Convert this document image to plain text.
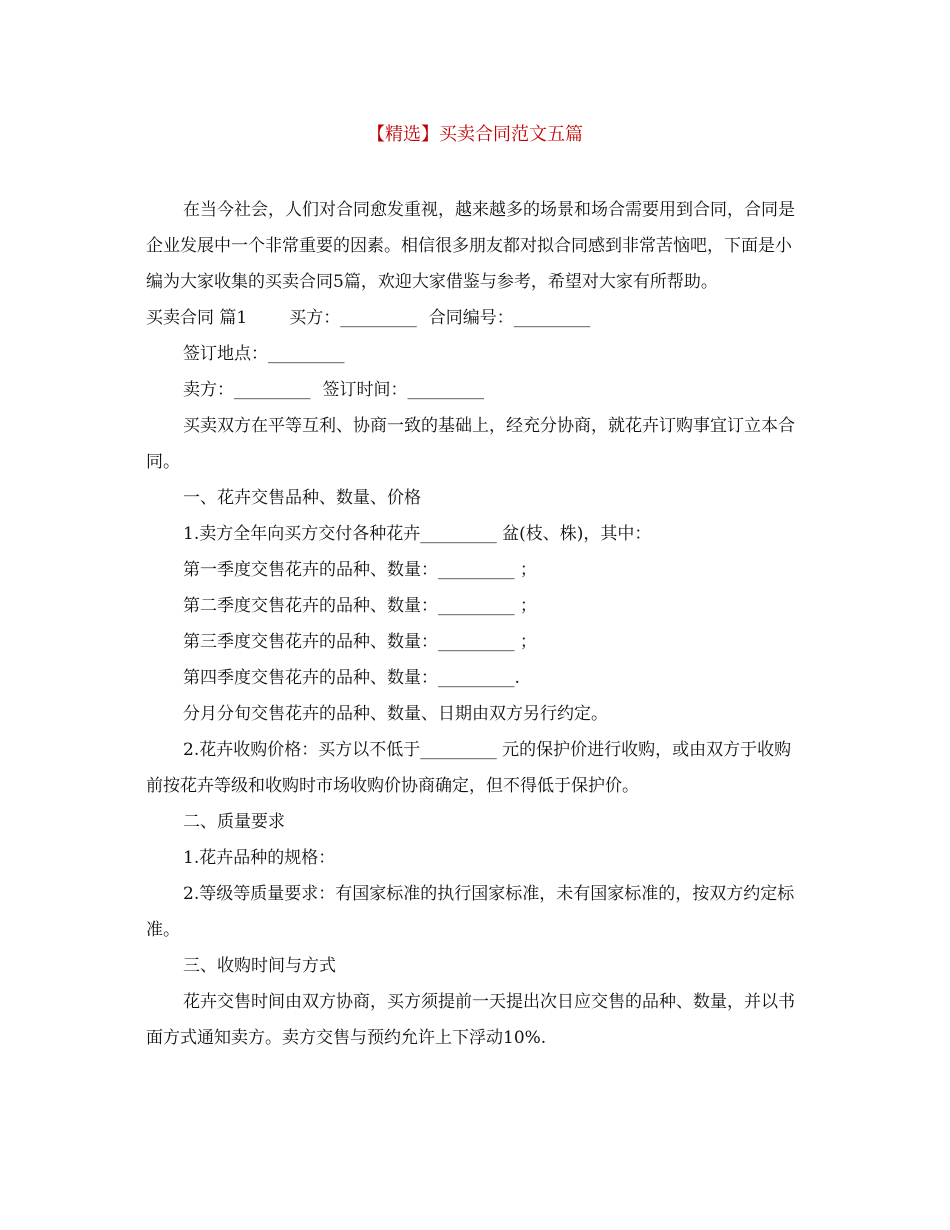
【精选】买卖合同范文五篇

在当今社会，人们对合同愈发重视，越来越多的场景和场合需要用到合同，合同是企业发展中一个非常重要的因素。相信很多朋友都对拟合同感到非常苦恼吧，下面是小编为大家收集的买卖合同5篇，欢迎大家借鉴与参考，希望对大家有所帮助。

买卖合同 篇1 买方：_________ 合同编号：_________

签订地点：_________

卖方：_________ 签订时间：_________

买卖双方在平等互利、协商一致的基础上，经充分协商，就花卉订购事宜订立本合同。

一、花卉交售品种、数量、价格

1.卖方全年向买方交付各种花卉_________ 盆(枝、株)，其中：

第一季度交售花卉的品种、数量：_________ ；

第二季度交售花卉的品种、数量：_________ ；

第三季度交售花卉的品种、数量：_________ ；

第四季度交售花卉的品种、数量：_________.

分月分旬交售花卉的品种、数量、日期由双方另行约定。

2.花卉收购价格：买方以不低于_________ 元的保护价进行收购，或由双方于收购前按花卉等级和收购时市场收购价协商确定，但不得低于保护价。

二、质量要求

1.花卉品种的规格：

2.等级等质量要求：有国家标准的执行国家标准，未有国家标准的，按双方约定标准。

三、收购时间与方式

花卉交售时间由双方协商，买方须提前一天提出次日应交售的品种、数量，并以书面方式通知卖方。卖方交售与预约允许上下浮动10%.
